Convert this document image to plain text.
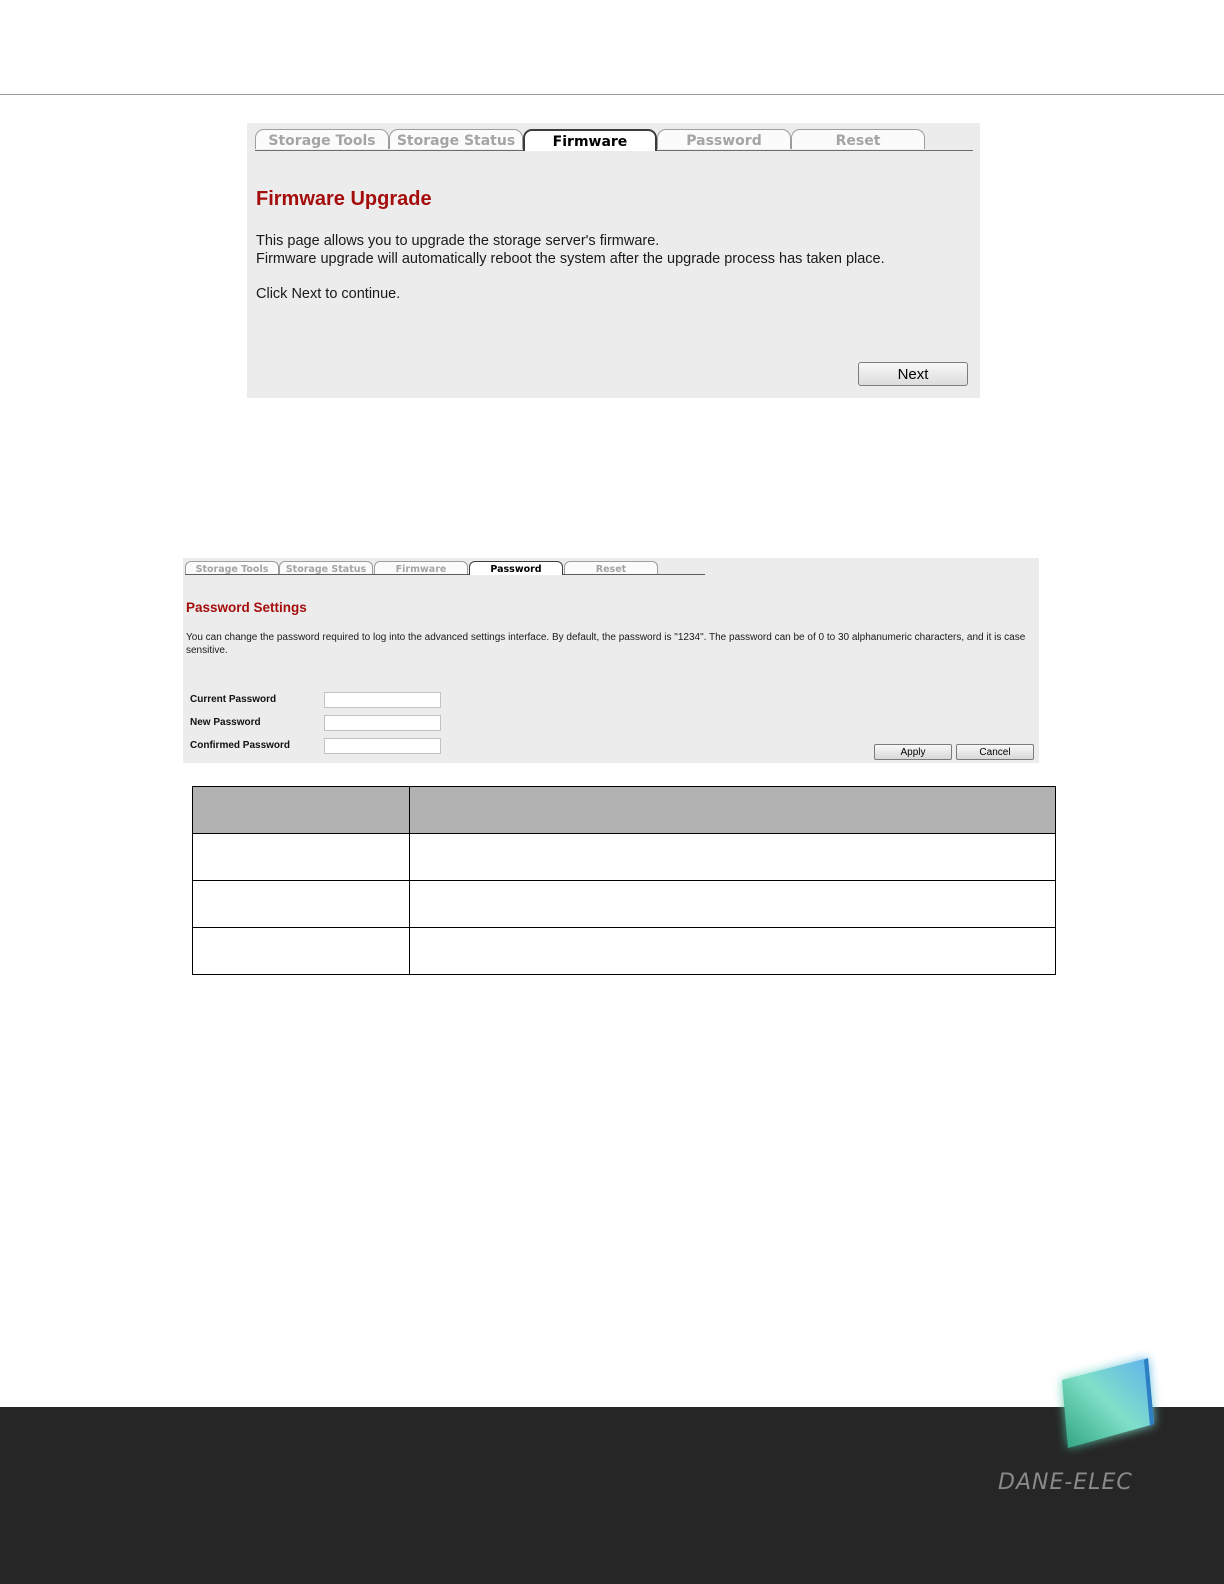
Storage Tools	Storage Status	Firmware	Password	Reset
Firmware Upgrade
This page allows you to upgrade the storage server's firmware.
Firmware upgrade will automatically reboot the system after the upgrade process has taken place.
Click Next to continue.
Next
Storage Tools	Storage Status	Firmware	Password	Reset
Password Settings
You can change the password required to log into the advanced settings interface. By default, the password is "1234". The password can be of 0 to 30 alphanumeric characters, and it is case sensitive.
Current Password
New Password
Confirmed Password
Apply	Cancel

DANE-ELEC
